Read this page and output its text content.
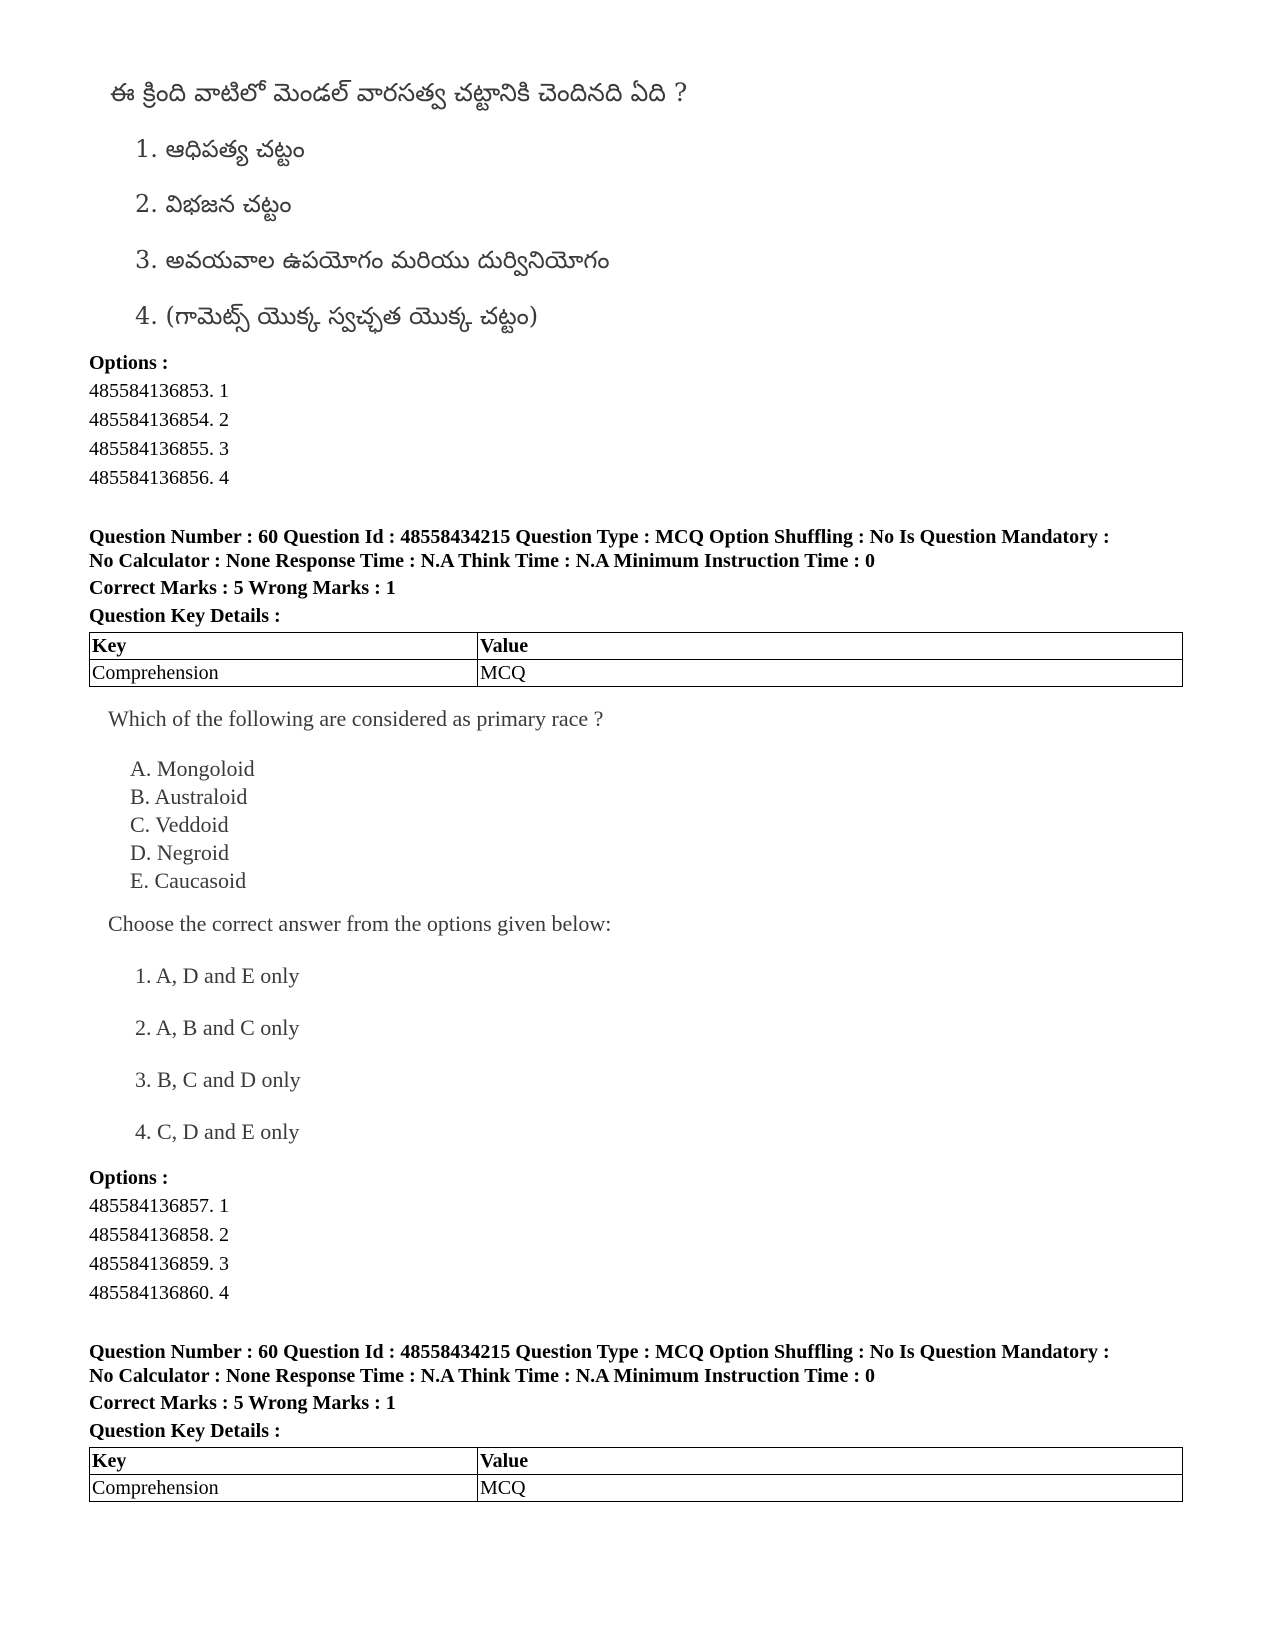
ఈ క్రింది వాటిలో మెండల్ వారసత్వ చట్టానికి చెందినది ఏది ?
1. ఆధిపత్య చట్టం
2. విభజన చట్టం
3. అవయవాల ఉపయోగం మరియు దుర్వినియోగం
4. (గామెట్స్ యొక్క స్వచ్ఛత యొక్క చట్టం)
Options :
485584136853. 1
485584136854. 2
485584136855. 3
485584136856. 4
Question Number : 60 Question Id : 48558434215 Question Type : MCQ Option Shuffling : No Is Question Mandatory :
No Calculator : None Response Time : N.A Think Time : N.A Minimum Instruction Time : 0
Correct Marks : 5 Wrong Marks : 1
Question Key Details :
Key	Value
Comprehension	MCQ
Which of the following are considered as primary race ?
A. Mongoloid
B. Australoid
C. Veddoid
D. Negroid
E. Caucasoid
Choose the correct answer from the options given below:
1. A, D and E only
2. A, B and C only
3. B, C and D only
4. C, D and E only
Options :
485584136857. 1
485584136858. 2
485584136859. 3
485584136860. 4
Question Number : 60 Question Id : 48558434215 Question Type : MCQ Option Shuffling : No Is Question Mandatory :
No Calculator : None Response Time : N.A Think Time : N.A Minimum Instruction Time : 0
Correct Marks : 5 Wrong Marks : 1
Question Key Details :
Key	Value
Comprehension	MCQ
